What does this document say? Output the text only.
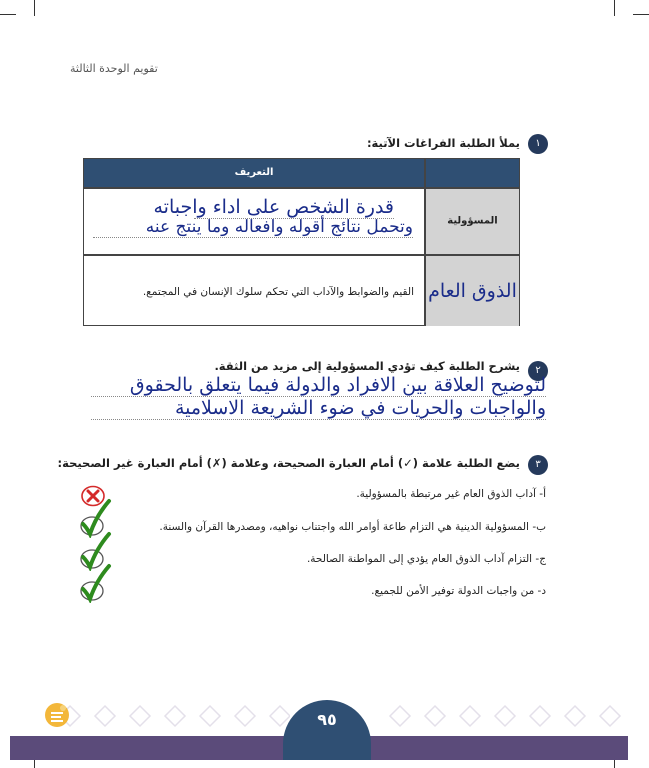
تقويم الوحدة الثالثة
١
يملأ الطلبة الفراغات الآتية:
التعريف
المسؤولية
الذوق العام
قدرة الشخص على اداء واجباته
وتحمل نتائج أقوله وافعاله وما ينتج عنه
القيم والضوابط والآداب التي تحكم سلوك الإنسان في المجتمع.
٢
يشرح الطلبة كيف تؤدي المسؤولية إلى مزيد من الثقة.
لتوضيح العلاقة بين الافراد والدولة فيما يتعلق بالحقوق
والواجبات والحريات في ضوء الشريعة الاسلامية
٣
يضع الطلبة علامة (✓) أمام العبارة الصحيحة، وعلامة (✗) أمام العبارة غير الصحيحة:
أ- آداب الذوق العام غير مرتبطة بالمسؤولية.
ب- المسؤولية الدينية هي التزام طاعة أوامر الله واجتناب نواهيه، ومصدرها القرآن والسنة.
ج- التزام آداب الذوق العام يؤدي إلى المواطنة الصالحة.
د- من واجبات الدولة توفير الأمن للجميع.
٩٥
